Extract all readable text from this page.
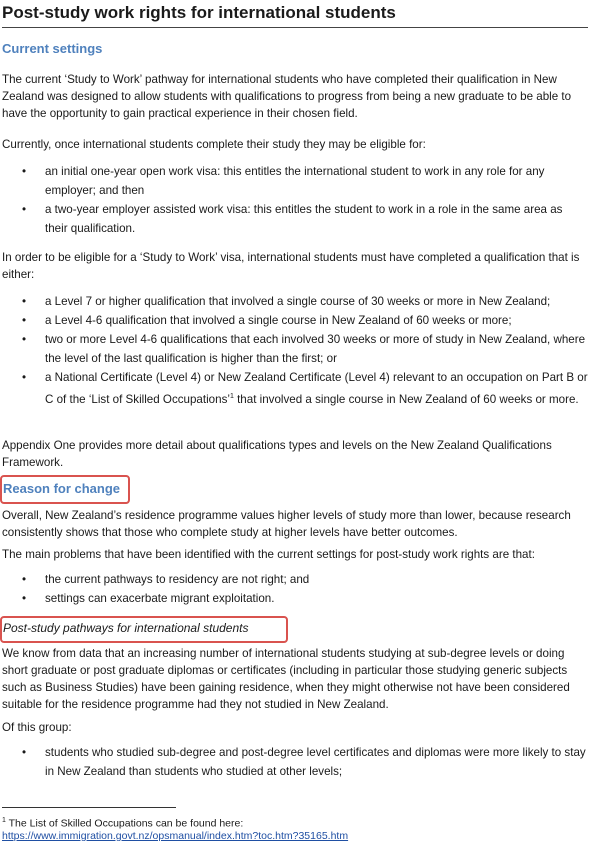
Post-study work rights for international students
Current settings
The current ‘Study to Work’ pathway for international students who have completed their qualification in New Zealand was designed to allow students with qualifications to progress from being a new graduate to be able to have the opportunity to gain practical experience in their chosen field.
Currently, once international students complete their study they may be eligible for:
• an initial one-year open work visa: this entitles the international student to work in any role for any employer; and then
• a two-year employer assisted work visa: this entitles the student to work in a role in the same area as their qualification.
In order to be eligible for a ‘Study to Work’ visa, international students must have completed a qualification that is either:
• a Level 7 or higher qualification that involved a single course of 30 weeks or more in New Zealand;
• a Level 4-6 qualification that involved a single course in New Zealand of 60 weeks or more;
• two or more Level 4-6 qualifications that each involved 30 weeks or more of study in New Zealand, where the level of the last qualification is higher than the first; or
• a National Certificate (Level 4) or New Zealand Certificate (Level 4) relevant to an occupation on Part B or C of the ‘List of Skilled Occupations’$^1$ that involved a single course in New Zealand of 60 weeks or more.
Appendix One provides more detail about qualifications types and levels on the New Zealand Qualifications Framework.
Reason for change
Overall, New Zealand’s residence programme values higher levels of study more than lower, because research consistently shows that those who complete study at higher levels have better outcomes.
The main problems that have been identified with the current settings for post-study work rights are that:
• the current pathways to residency are not right; and
• settings can exacerbate migrant exploitation.
Post-study pathways for international students
We know from data that an increasing number of international students studying at sub-degree levels or doing short graduate or post graduate diplomas or certificates (including in particular those studying generic subjects such as Business Studies) have been gaining residence, when they might otherwise not have been considered suitable for the residence programme had they not studied in New Zealand.
Of this group:
• students who studied sub-degree and post-degree level certificates and diplomas were more likely to stay in New Zealand than students who studied at other levels;
$^1$ The List of Skilled Occupations can be found here:
https://www.immigration.govt.nz/opsmanual/index.htm?toc.htm?35165.htm
